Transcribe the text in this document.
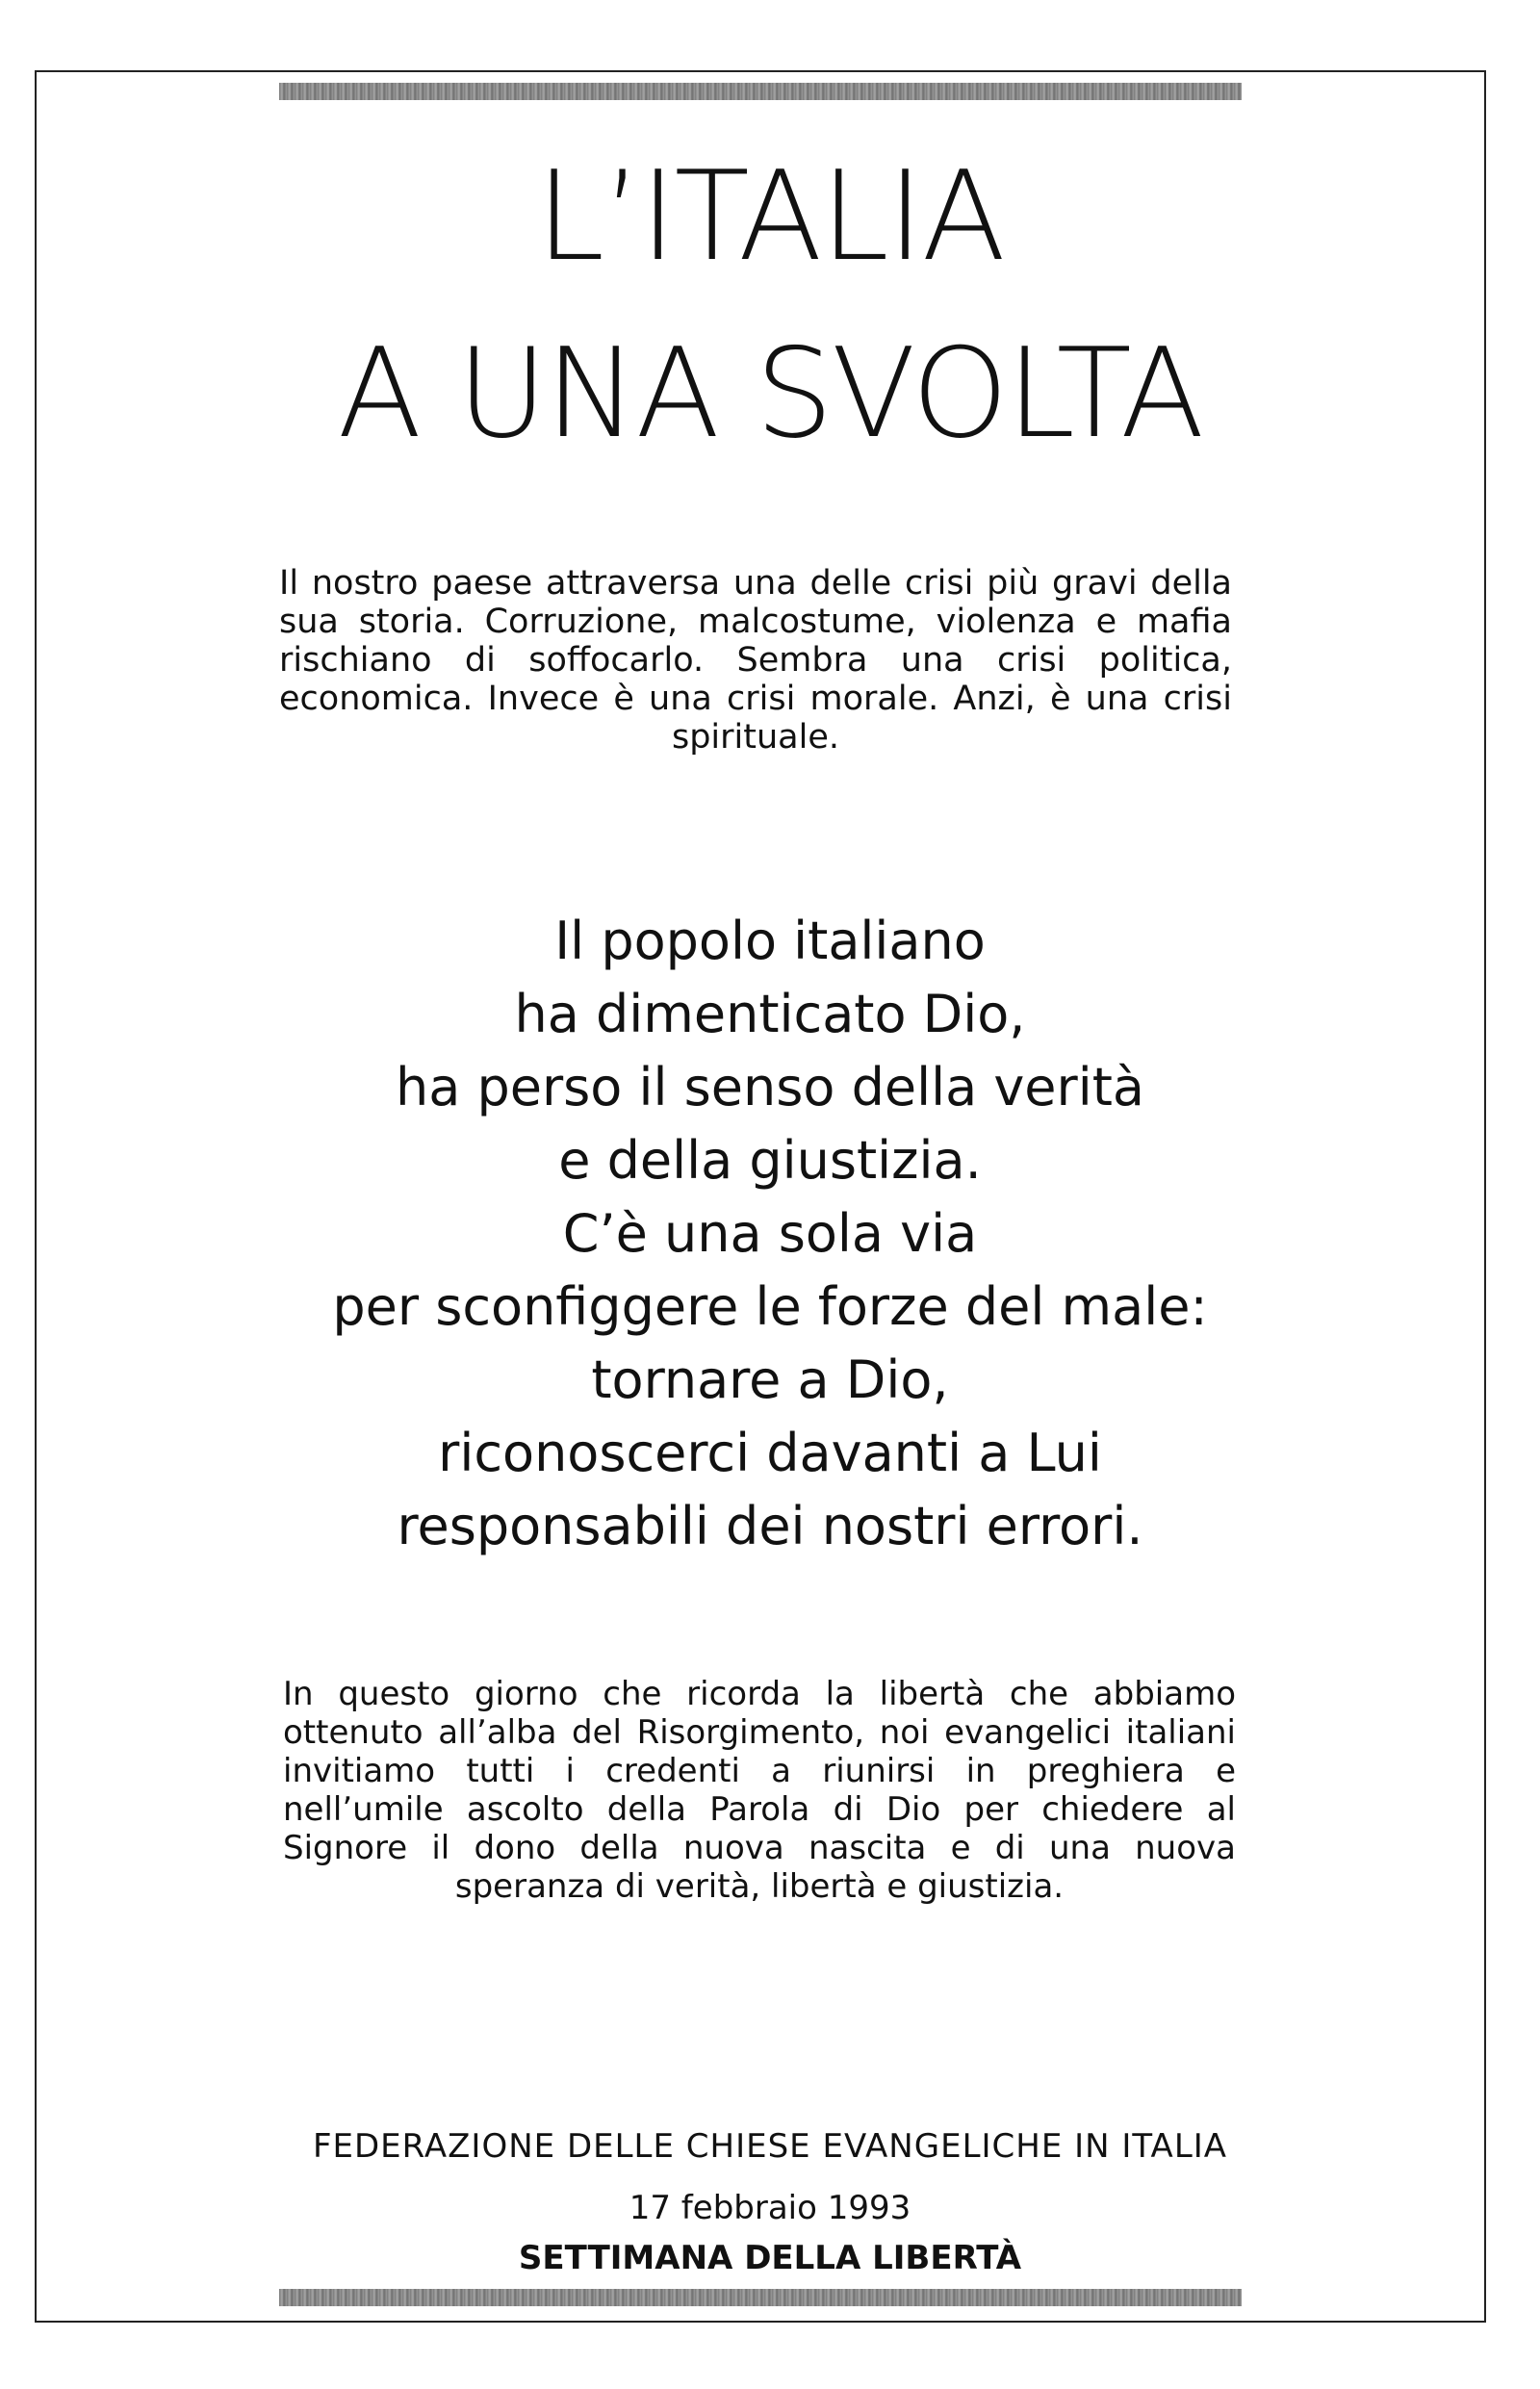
L’ITALIA
A UNA SVOLTA

Il nostro paese attraversa una delle crisi più gravi della sua storia. Corruzione, malcostume, violenza e mafia rischiano di soffocarlo. Sembra una crisi politica, economica. Invece è una crisi morale. Anzi, è una crisi spirituale.

Il popolo italiano
ha dimenticato Dio,
ha perso il senso della verità
e della giustizia.
C’è una sola via
per sconfiggere le forze del male:
tornare a Dio,
riconoscerci davanti a Lui
responsabili dei nostri errori.

In questo giorno che ricorda la libertà che abbiamo ottenuto all’alba del Risorgimento, noi evangelici italiani invitiamo tutti i credenti a riunirsi in preghiera e nell’umile ascolto della Parola di Dio per chiedere al Signore il dono della nuova nascita e di una nuova speranza di verità, libertà e giustizia.

FEDERAZIONE DELLE CHIESE EVANGELICHE IN ITALIA

17 febbraio 1993

SETTIMANA DELLA LIBERTÀ
